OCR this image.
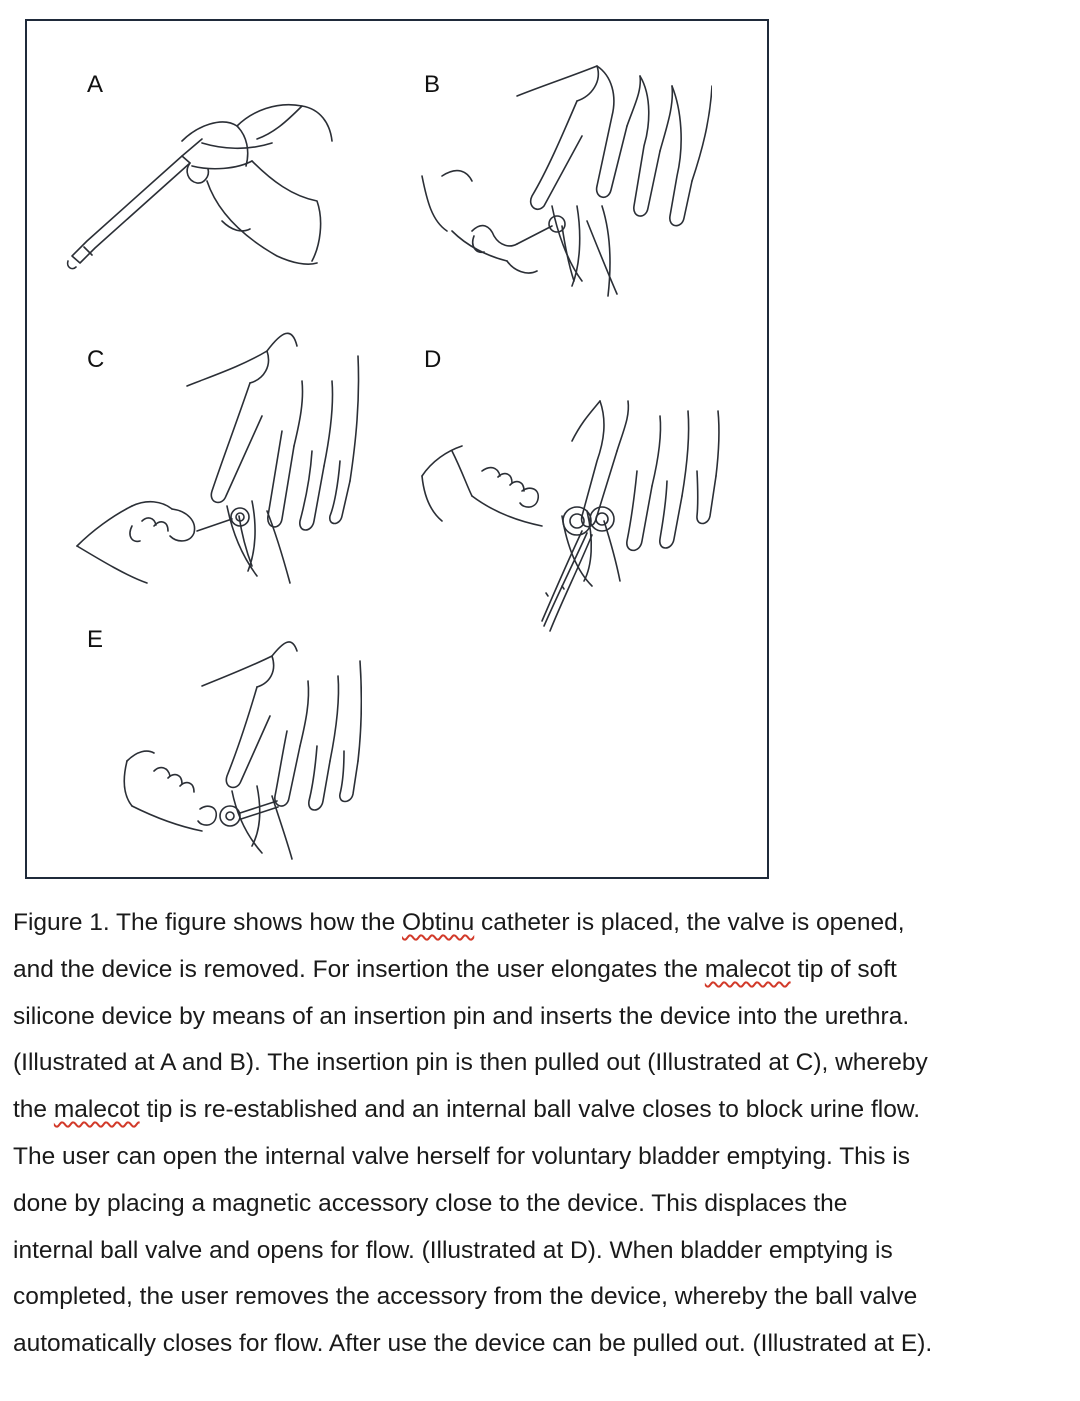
A	B
C	D
E
Figure 1. The figure shows how the Obtinu catheter is placed, the valve is opened,
and the device is removed. For insertion the user elongates the malecot tip of soft
silicone device by means of an insertion pin and inserts the device into the urethra.
(Illustrated at A and B). The insertion pin is then pulled out (Illustrated at C), whereby
the malecot tip is re-established and an internal ball valve closes to block urine flow.
The user can open the internal valve herself for voluntary bladder emptying. This is
done by placing a magnetic accessory close to the device. This displaces the
internal ball valve and opens for flow. (Illustrated at D). When bladder emptying is
completed, the user removes the accessory from the device, whereby the ball valve
automatically closes for flow. After use the device can be pulled out. (Illustrated at E).
